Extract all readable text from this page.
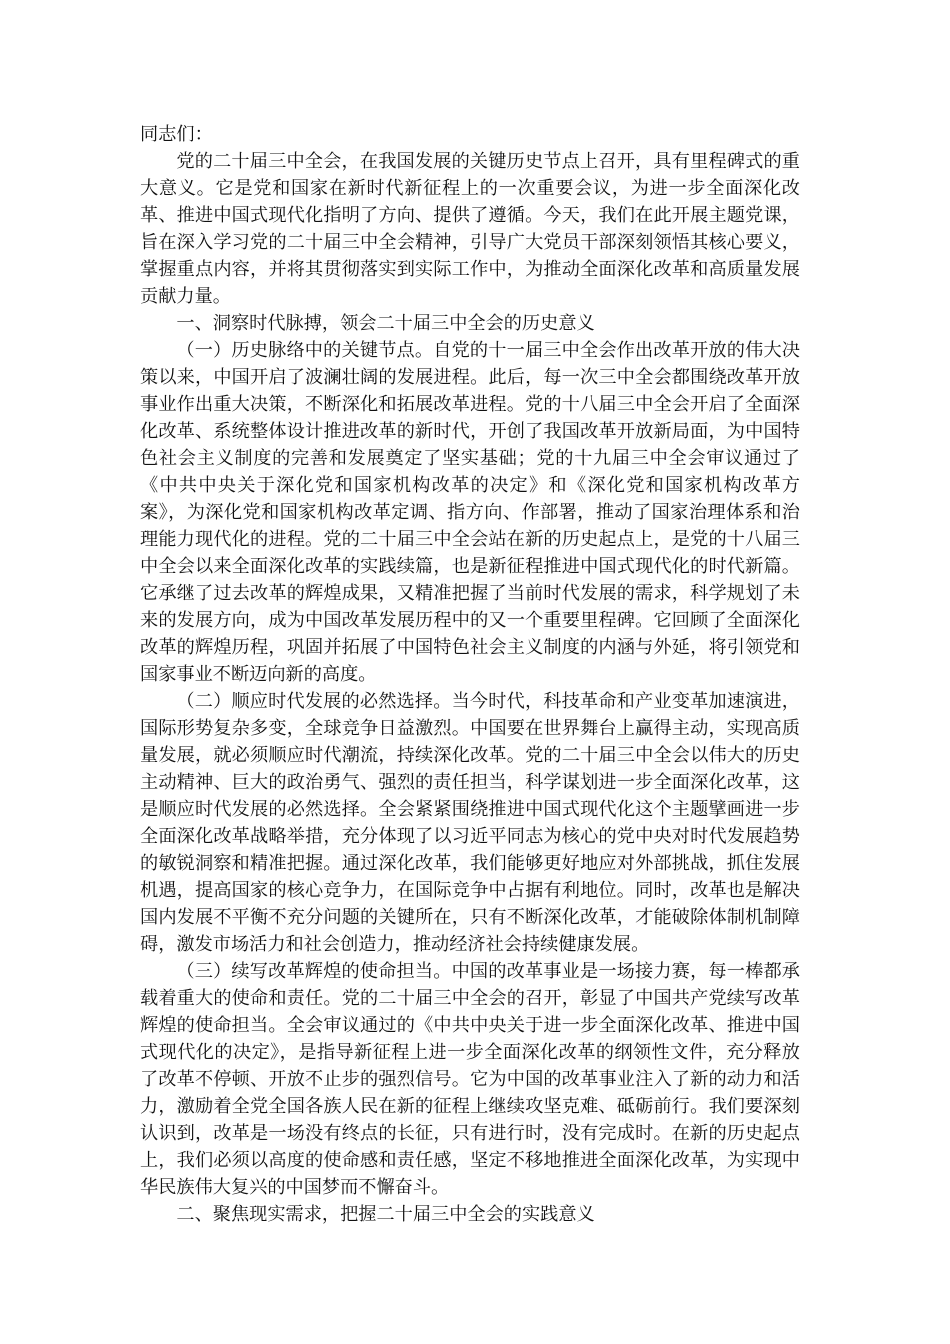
同志们：

党的二十届三中全会，在我国发展的关键历史节点上召开，具有里程碑式的重大意义。它是党和国家在新时代新征程上的一次重要会议，为进一步全面深化改革、推进中国式现代化指明了方向、提供了遵循。今天，我们在此开展主题党课，旨在深入学习党的二十届三中全会精神，引导广大党员干部深刻领悟其核心要义，掌握重点内容，并将其贯彻落实到实际工作中，为推动全面深化改革和高质量发展贡献力量。

一、洞察时代脉搏，领会二十届三中全会的历史意义

（一）历史脉络中的关键节点。自党的十一届三中全会作出改革开放的伟大决策以来，中国开启了波澜壮阔的发展进程。此后，每一次三中全会都围绕改革开放事业作出重大决策，不断深化和拓展改革进程。党的十八届三中全会开启了全面深化改革、系统整体设计推进改革的新时代，开创了我国改革开放新局面，为中国特色社会主义制度的完善和发展奠定了坚实基础；党的十九届三中全会审议通过了《中共中央关于深化党和国家机构改革的决定》和《深化党和国家机构改革方案》，为深化党和国家机构改革定调、指方向、作部署，推动了国家治理体系和治理能力现代化的进程。党的二十届三中全会站在新的历史起点上，是党的十八届三中全会以来全面深化改革的实践续篇，也是新征程推进中国式现代化的时代新篇。它承继了过去改革的辉煌成果，又精准把握了当前时代发展的需求，科学规划了未来的发展方向，成为中国改革发展历程中的又一个重要里程碑。它回顾了全面深化改革的辉煌历程，巩固并拓展了中国特色社会主义制度的内涵与外延，将引领党和国家事业不断迈向新的高度。

（二）顺应时代发展的必然选择。当今时代，科技革命和产业变革加速演进，国际形势复杂多变，全球竞争日益激烈。中国要在世界舞台上赢得主动，实现高质量发展，就必须顺应时代潮流，持续深化改革。党的二十届三中全会以伟大的历史主动精神、巨大的政治勇气、强烈的责任担当，科学谋划进一步全面深化改革，这是顺应时代发展的必然选择。全会紧紧围绕推进中国式现代化这个主题擘画进一步全面深化改革战略举措，充分体现了以习近平同志为核心的党中央对时代发展趋势的敏锐洞察和精准把握。通过深化改革，我们能够更好地应对外部挑战，抓住发展机遇，提高国家的核心竞争力，在国际竞争中占据有利地位。同时，改革也是解决国内发展不平衡不充分问题的关键所在，只有不断深化改革，才能破除体制机制障碍，激发市场活力和社会创造力，推动经济社会持续健康发展。

（三）续写改革辉煌的使命担当。中国的改革事业是一场接力赛，每一棒都承载着重大的使命和责任。党的二十届三中全会的召开，彰显了中国共产党续写改革辉煌的使命担当。全会审议通过的《中共中央关于进一步全面深化改革、推进中国式现代化的决定》，是指导新征程上进一步全面深化改革的纲领性文件，充分释放了改革不停顿、开放不止步的强烈信号。它为中国的改革事业注入了新的动力和活力，激励着全党全国各族人民在新的征程上继续攻坚克难、砥砺前行。我们要深刻认识到，改革是一场没有终点的长征，只有进行时，没有完成时。在新的历史起点上，我们必须以高度的使命感和责任感，坚定不移地推进全面深化改革，为实现中华民族伟大复兴的中国梦而不懈奋斗。

二、聚焦现实需求，把握二十届三中全会的实践意义
